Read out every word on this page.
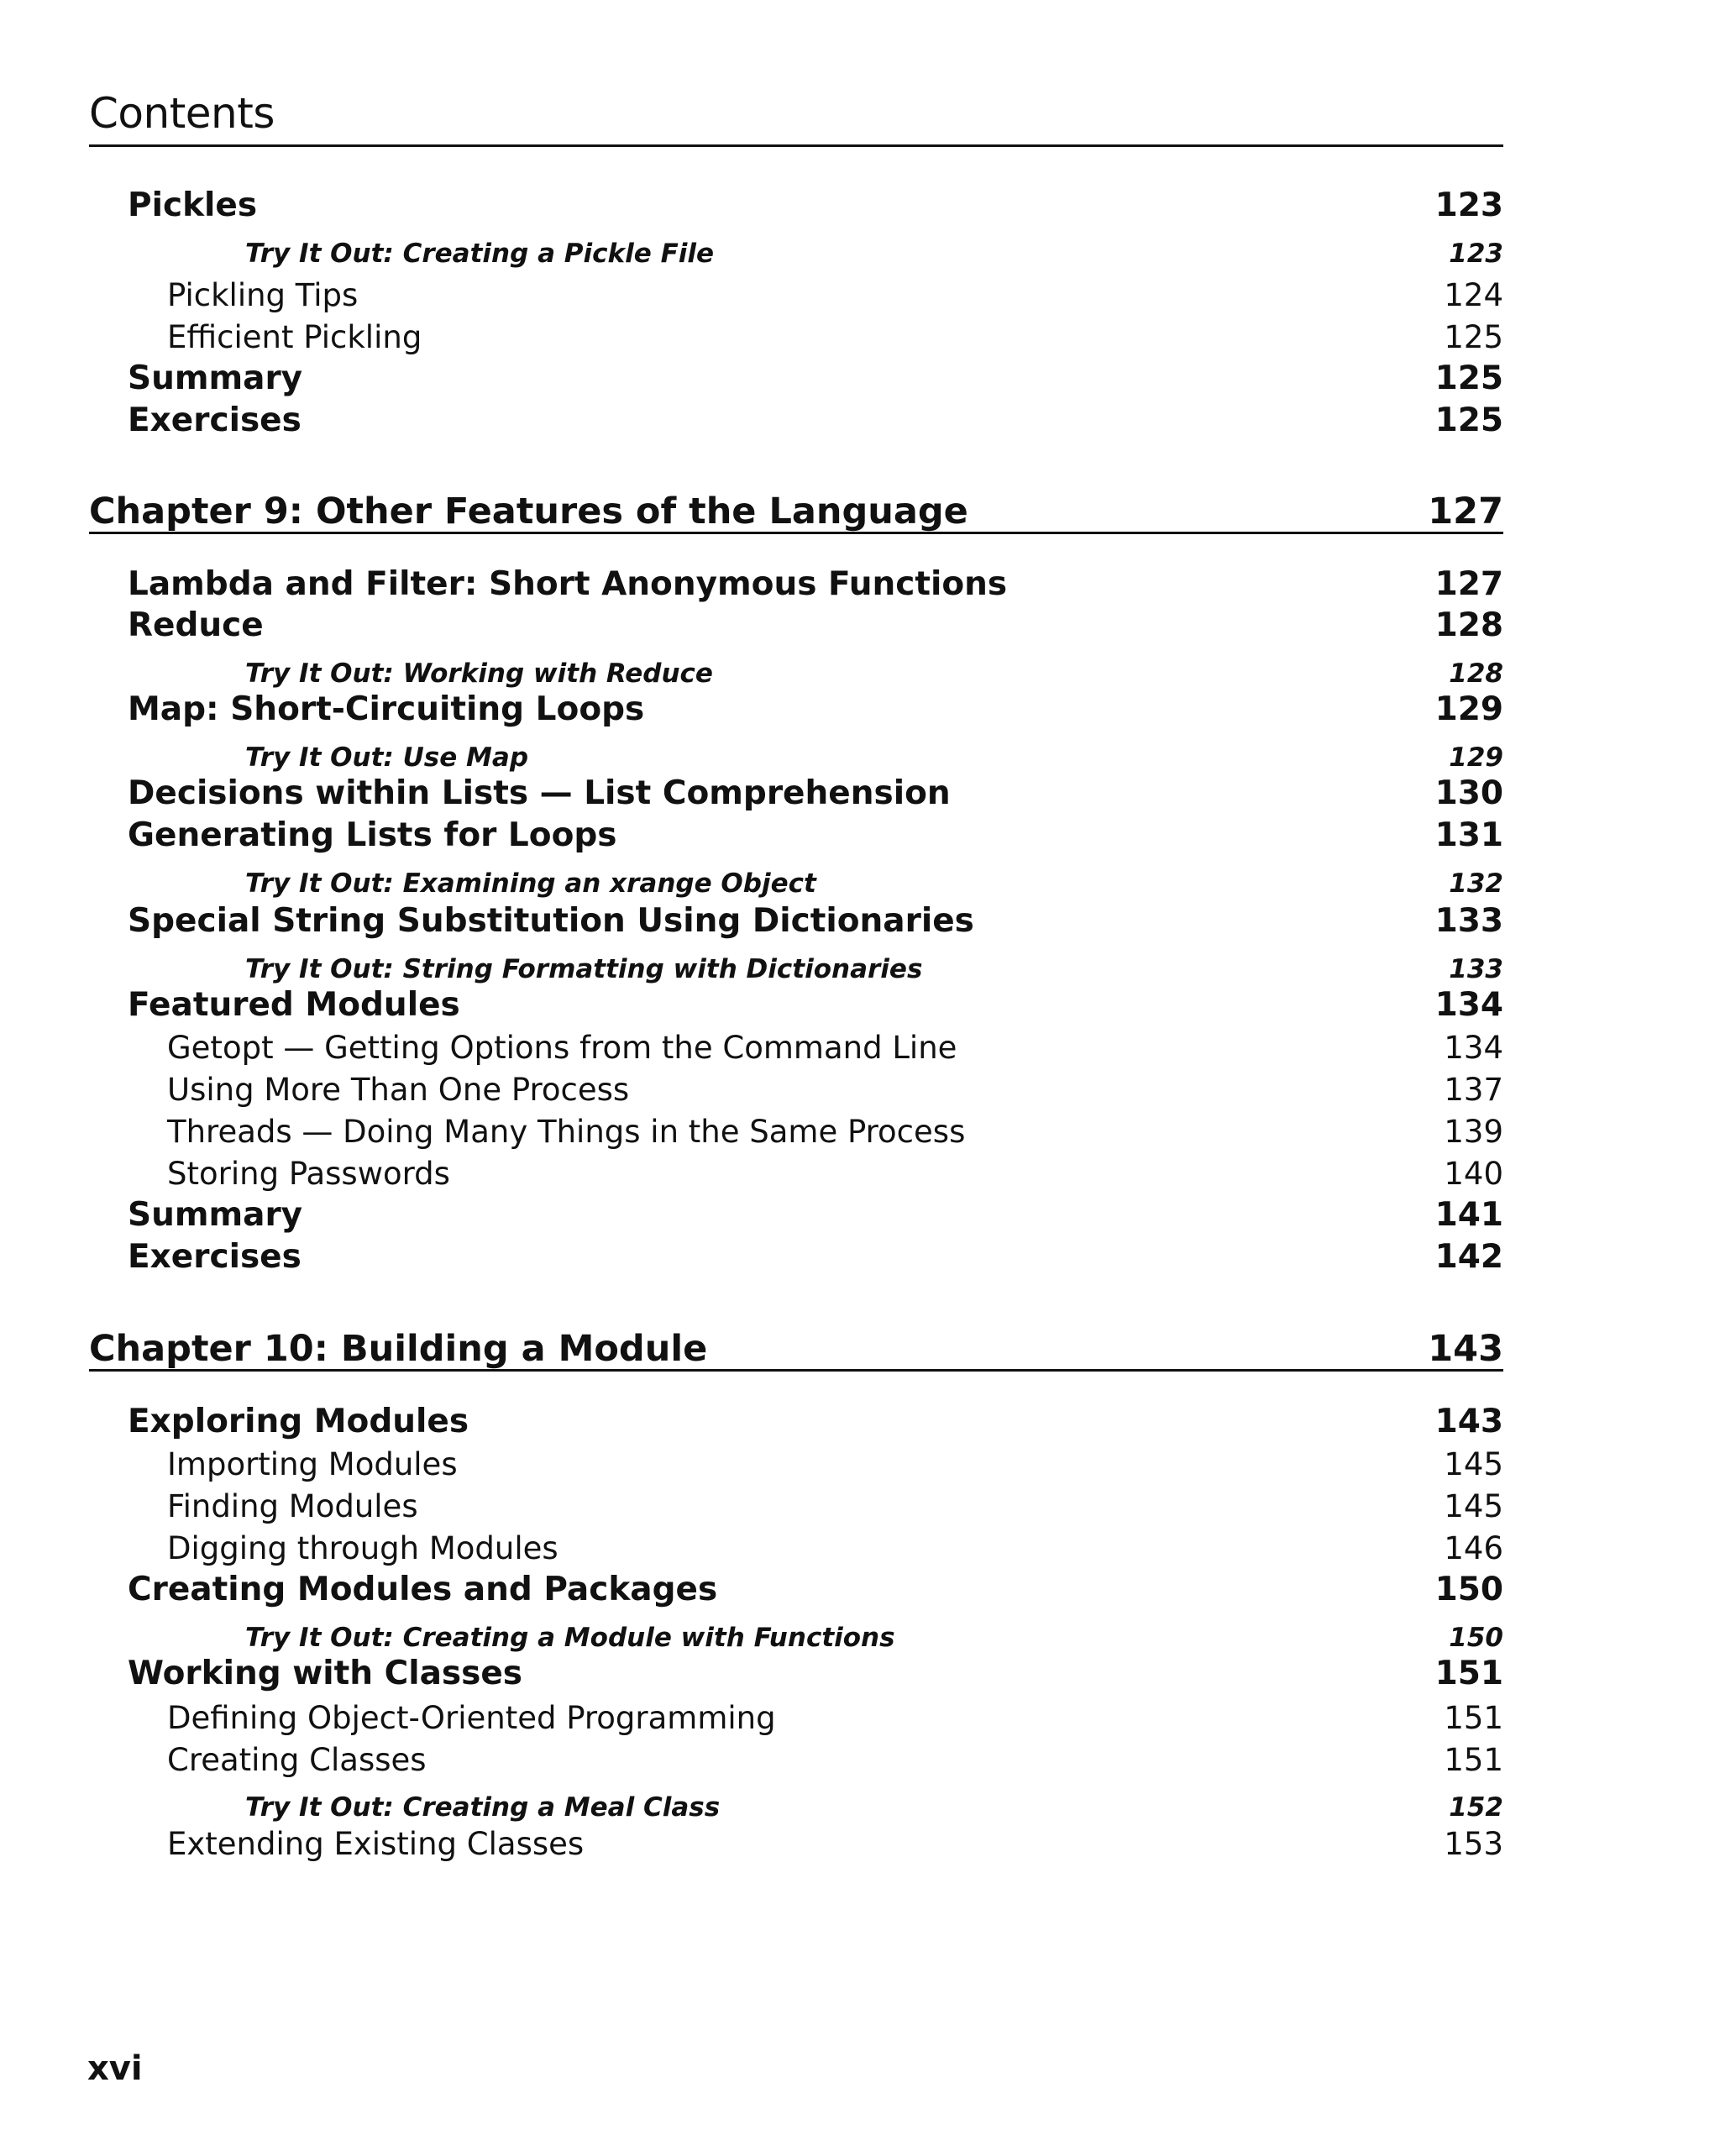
Contents
Pickles	123
Try It Out: Creating a Pickle File	123
Pickling Tips	124
Efficient Pickling	125
Summary	125
Exercises	125
Chapter 9: Other Features of the Language	127
Lambda and Filter: Short Anonymous Functions	127
Reduce	128
Try It Out: Working with Reduce	128
Map: Short-Circuiting Loops	129
Try It Out: Use Map	129
Decisions within Lists — List Comprehension	130
Generating Lists for Loops	131
Try It Out: Examining an xrange Object	132
Special String Substitution Using Dictionaries	133
Try It Out: String Formatting with Dictionaries	133
Featured Modules	134
Getopt — Getting Options from the Command Line	134
Using More Than One Process	137
Threads — Doing Many Things in the Same Process	139
Storing Passwords	140
Summary	141
Exercises	142
Chapter 10: Building a Module	143
Exploring Modules	143
Importing Modules	145
Finding Modules	145
Digging through Modules	146
Creating Modules and Packages	150
Try It Out: Creating a Module with Functions	150
Working with Classes	151
Defining Object-Oriented Programming	151
Creating Classes	151
Try It Out: Creating a Meal Class	152
Extending Existing Classes	153
xvi
